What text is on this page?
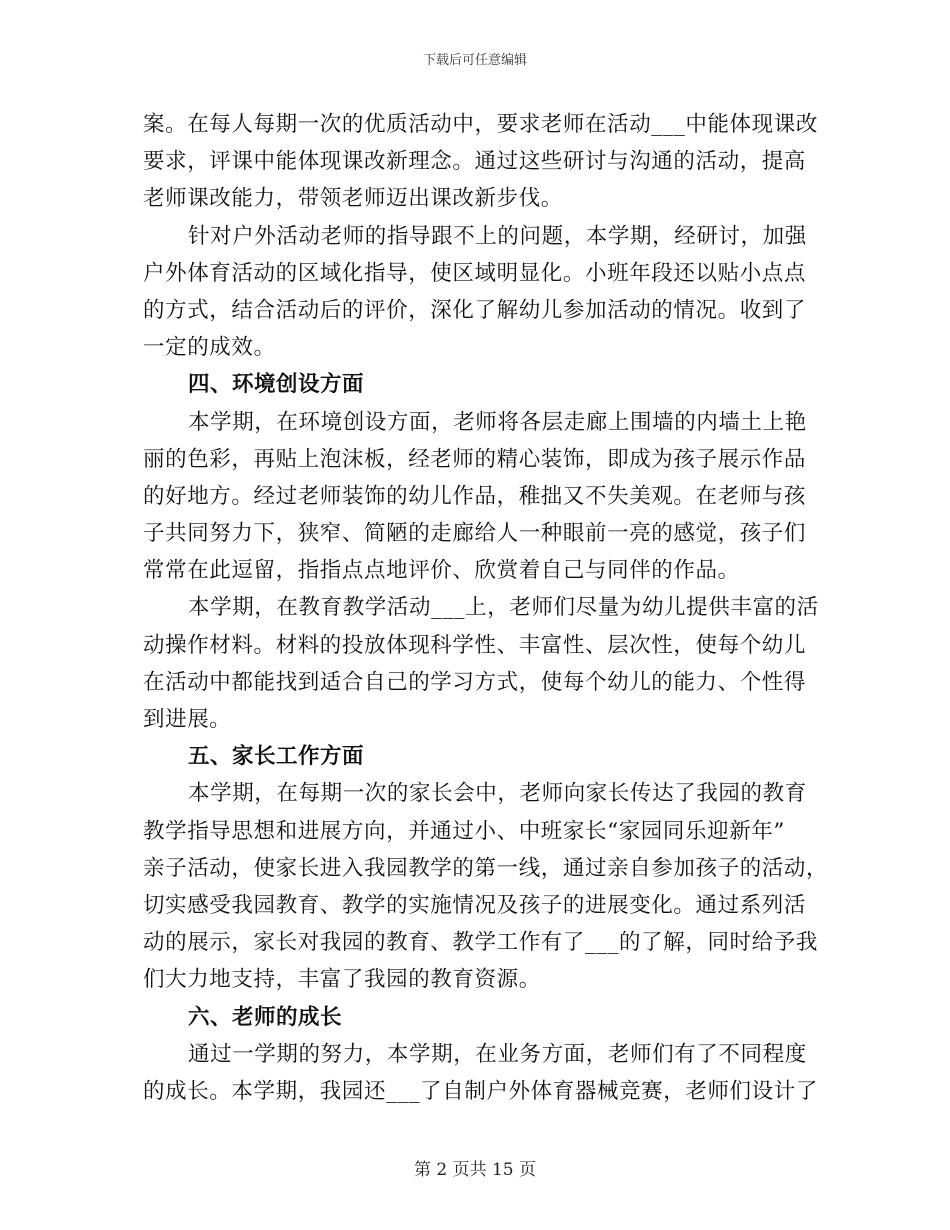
下载后可任意编辑
案。在每人每期一次的优质活动中，要求老师在活动___中能体现课改
要求，评课中能体现课改新理念。通过这些研讨与沟通的活动，提高
老师课改能力，带领老师迈出课改新步伐。
针对户外活动老师的指导跟不上的问题，本学期，经研讨，加强
户外体育活动的区域化指导，使区域明显化。小班年段还以贴小点点
的方式，结合活动后的评价，深化了解幼儿参加活动的情况。收到了
一定的成效。
四、环境创设方面
本学期，在环境创设方面，老师将各层走廊上围墙的内墙土上艳
丽的色彩，再贴上泡沫板，经老师的精心装饰，即成为孩子展示作品
的好地方。经过老师装饰的幼儿作品，稚拙又不失美观。在老师与孩
子共同努力下，狭窄、简陋的走廊给人一种眼前一亮的感觉，孩子们
常常在此逗留，指指点点地评价、欣赏着自己与同伴的作品。
本学期，在教育教学活动___上，老师们尽量为幼儿提供丰富的活
动操作材料。材料的投放体现科学性、丰富性、层次性，使每个幼儿
在活动中都能找到适合自己的学习方式，使每个幼儿的能力、个性得
到进展。
五、家长工作方面
本学期，在每期一次的家长会中，老师向家长传达了我园的教育
教学指导思想和进展方向，并通过小、中班家长“家园同乐迎新年”
亲子活动，使家长进入我园教学的第一线，通过亲自参加孩子的活动，
切实感受我园教育、教学的实施情况及孩子的进展变化。通过系列活
动的展示，家长对我园的教育、教学工作有了___的了解，同时给予我
们大力地支持，丰富了我园的教育资源。
六、老师的成长
通过一学期的努力，本学期，在业务方面，老师们有了不同程度
的成长。本学期，我园还___了自制户外体育器械竞赛，老师们设计了
第 2 页共 15 页
